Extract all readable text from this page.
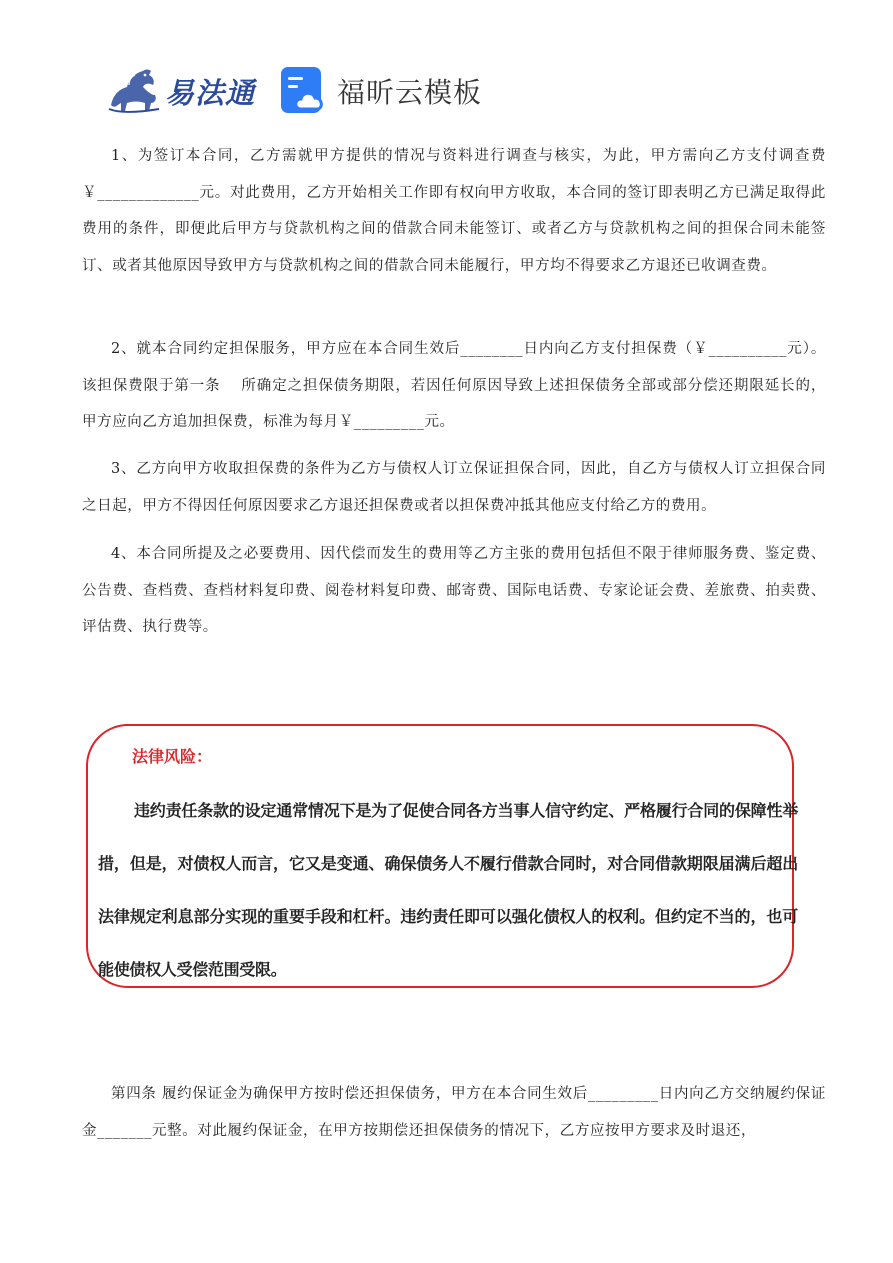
易法通	福昕云模板

1、为签订本合同，乙方需就甲方提供的情况与资料进行调查与核实，为此，甲方需向乙方支付调查费￥_____________元。对此费用，乙方开始相关工作即有权向甲方收取，本合同的签订即表明乙方已满足取得此费用的条件，即便此后甲方与贷款机构之间的借款合同未能签订、或者乙方与贷款机构之间的担保合同未能签订、或者其他原因导致甲方与贷款机构之间的借款合同未能履行，甲方均不得要求乙方退还已收调查费。

2、就本合同约定担保服务，甲方应在本合同生效后________日内向乙方支付担保费（￥__________元）。该担保费限于第一条　 所确定之担保债务期限，若因任何原因导致上述担保债务全部或部分偿还期限延长的，甲方应向乙方追加担保费，标准为每月￥_________元。

3、乙方向甲方收取担保费的条件为乙方与债权人订立保证担保合同，因此，自乙方与债权人订立担保合同之日起，甲方不得因任何原因要求乙方退还担保费或者以担保费冲抵其他应支付给乙方的费用。

4、本合同所提及之必要费用、因代偿而发生的费用等乙方主张的费用包括但不限于律师服务费、鉴定费、公告费、查档费、查档材料复印费、阅卷材料复印费、邮寄费、国际电话费、专家论证会费、差旅费、拍卖费、评估费、执行费等。

法律风险：

违约责任条款的设定通常情况下是为了促使合同各方当事人信守约定、严格履行合同的保障性举措，但是，对债权人而言，它又是变通、确保债务人不履行借款合同时，对合同借款期限届满后超出法律规定利息部分实现的重要手段和杠杆。违约责任即可以强化债权人的权利。但约定不当的，也可能使债权人受偿范围受限。

第四条 履约保证金为确保甲方按时偿还担保债务，甲方在本合同生效后_________日内向乙方交纳履约保证金_______元整。对此履约保证金，在甲方按期偿还担保债务的情况下，乙方应按甲方要求及时退还，
